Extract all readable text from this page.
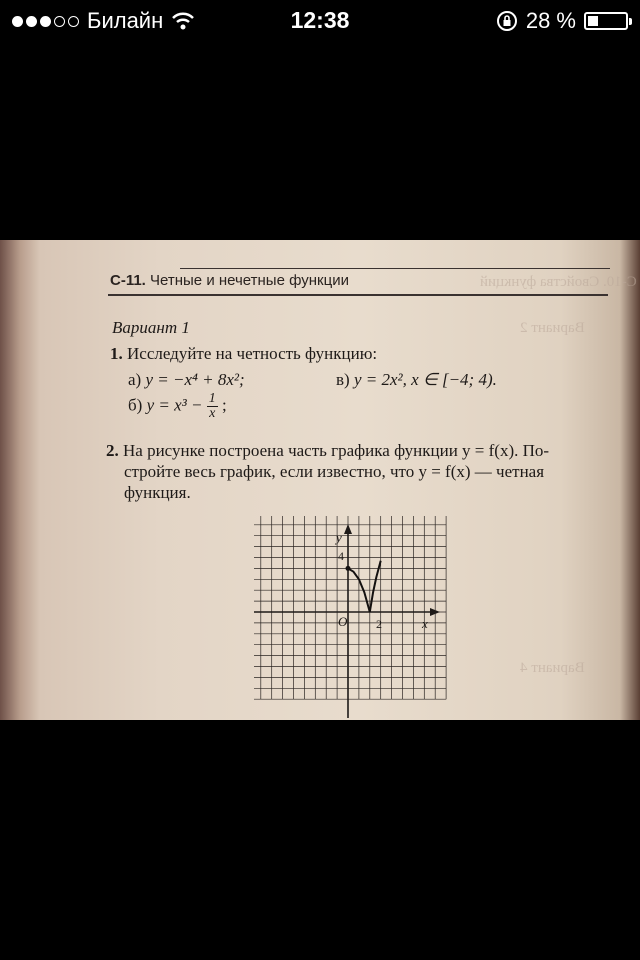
Билайн	12:38	28 %
С-10. Свойства функций
Вариант 2
Вариант 4
С-11. Четные и нечетные функции
Вариант 1
1. Исследуйте на четность функцию:
а) y = −x⁴ + 8x²;	в) y = 2x², x ∈ [−4; 4).
б) $y = x^3 - \frac{1}{x}$ ;
2. На рисунке построена часть графика функции y = f(x). По-
стройте весь график, если известно, что y = f(x) — четная
функция.
y
x
O
4
2
